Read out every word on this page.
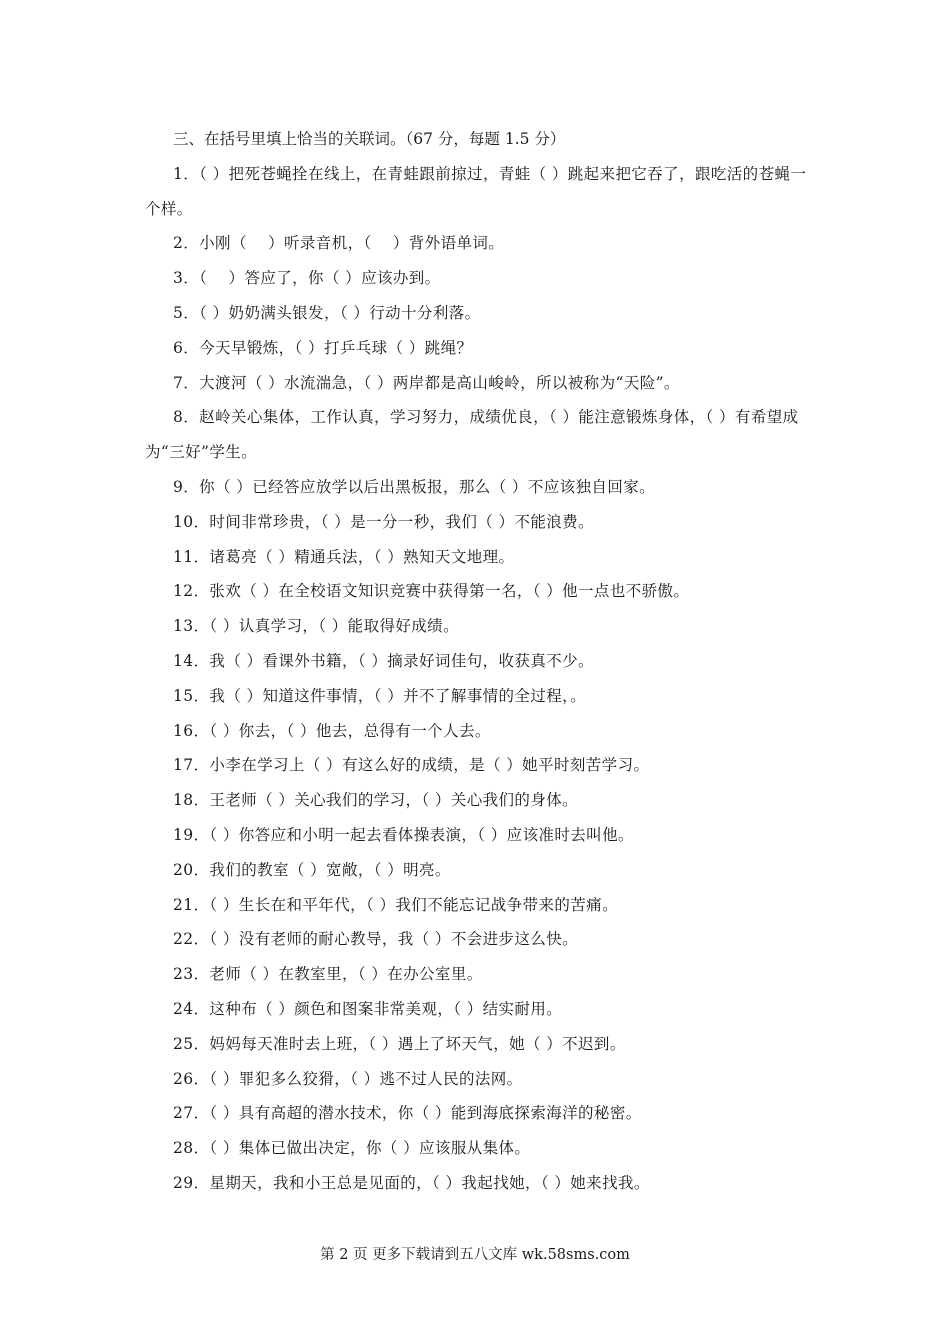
三、在括号里填上恰当的关联词。（67 分，每题 1.5 分）

1．（ ）把死苍蝇拴在线上，在青蛙跟前掠过，青蛙（ ）跳起来把它吞了，跟吃活的苍蝇一个样。

2．小刚（　 ）听录音机，（　 ）背外语单词。

3．（　 ）答应了，你（ ）应该办到。

5．（ ）奶奶满头银发，（ ）行动十分利落。

6．今天早锻炼，（ ）打乒乓球（ ）跳绳？

7．大渡河（ ）水流湍急，（ ）两岸都是高山峻岭，所以被称为“天险”。

8．赵岭关心集体，工作认真，学习努力，成绩优良，（ ）能注意锻炼身体，（ ）有希望成为“三好”学生。

9．你（ ）已经答应放学以后出黑板报，那么（ ）不应该独自回家。

10．时间非常珍贵，（ ）是一分一秒，我们（ ）不能浪费。

11．诸葛亮（ ）精通兵法，（ ）熟知天文地理。

12．张欢（ ）在全校语文知识竞赛中获得第一名，（ ）他一点也不骄傲。

13．（ ）认真学习，（ ）能取得好成绩。

14．我（ ）看课外书籍，（ ）摘录好词佳句，收获真不少。

15．我（ ）知道这件事情，（ ）并不了解事情的全过程，。

16．（ ）你去，（ ）他去，总得有一个人去。

17．小李在学习上（ ）有这么好的成绩，是（ ）她平时刻苦学习。

18．王老师（ ）关心我们的学习，（ ）关心我们的身体。

19．（ ）你答应和小明一起去看体操表演，（ ）应该准时去叫他。

20．我们的教室（ ）宽敞，（ ）明亮。

21．（ ）生长在和平年代，（ ）我们不能忘记战争带来的苦痛。

22．（ ）没有老师的耐心教导，我（ ）不会进步这么快。

23．老师（ ）在教室里，（ ）在办公室里。

24．这种布（ ）颜色和图案非常美观，（ ）结实耐用。

25．妈妈每天准时去上班，（ ）遇上了坏天气，她（ ）不迟到。

26．（ ）罪犯多么狡猾，（ ）逃不过人民的法网。

27．（ ）具有高超的潜水技术，你（ ）能到海底探索海洋的秘密。

28．（ ）集体已做出决定，你（ ）应该服从集体。

29．星期天，我和小王总是见面的，（ ）我起找她，（ ）她来找我。

第 2 页 更多下载请到五八文库 wk.58sms.com
